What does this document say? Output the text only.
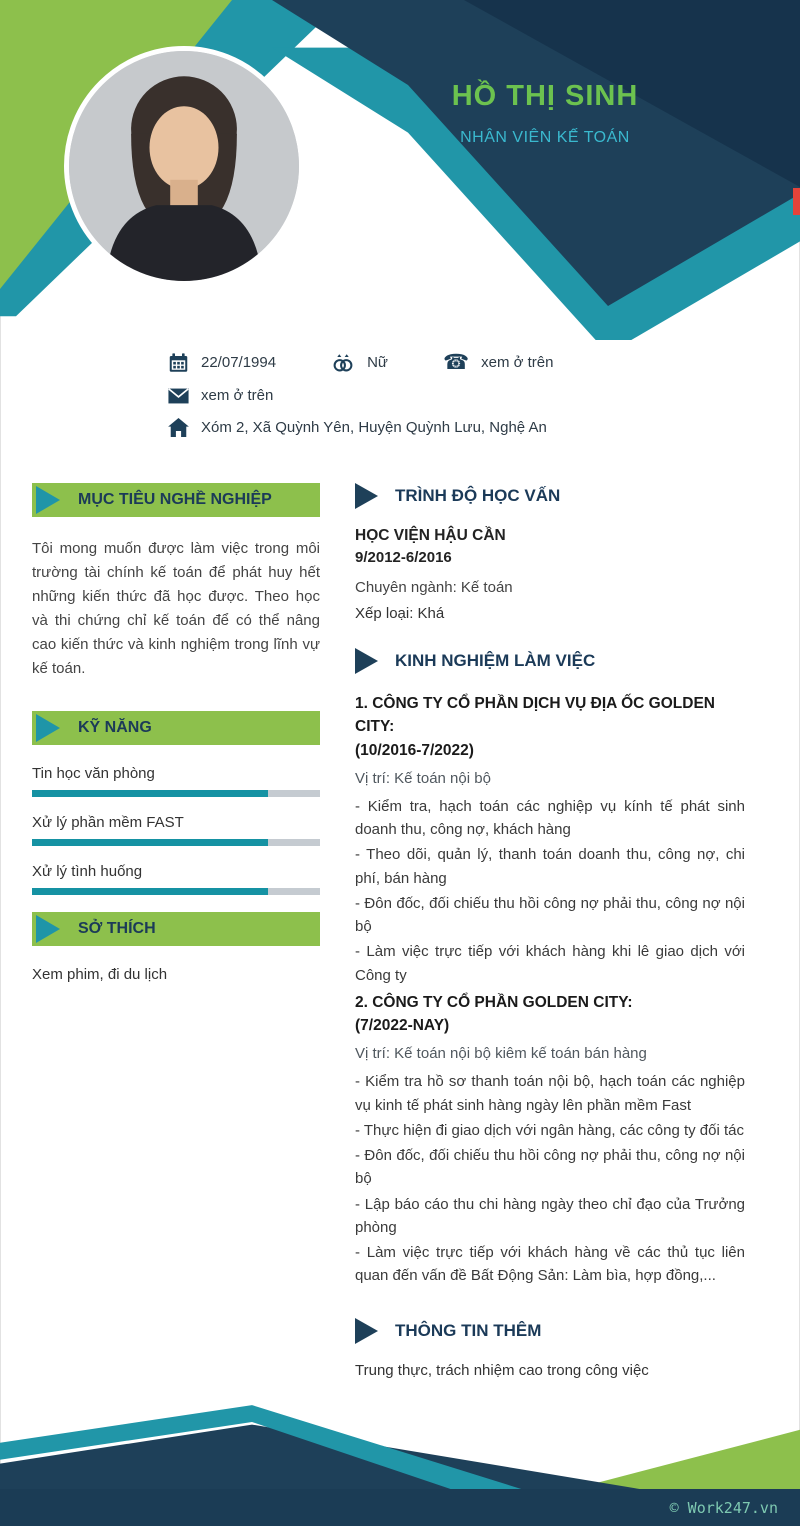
HỒ THỊ SINH
NHÂN VIÊN KẾ TOÁN
22/07/1994	Nữ	☎ xem ở trên
xem ở trên
Xóm 2, Xã Quỳnh Yên, Huyện Quỳnh Lưu, Nghệ An
MỤC TIÊU NGHỀ NGHIỆP

Tôi mong muốn được làm việc trong môi trường tài chính kế toán để phát huy hết những kiến thức đã học được. Theo học và thi chứng chỉ kế toán để có thể nâng cao kiến thức và kinh nghiệm trong lĩnh vự kế toán.

KỸ NĂNG
Tin học văn phòng
Xử lý phần mềm FAST
Xử lý tình huống
SỞ THÍCH

Xem phim, đi du lịch

TRÌNH ĐỘ HỌC VẤN
HỌC VIỆN HẬU CẦN
9/2012-6/2016
Chuyên ngành: Kế toán
Xếp loại: Khá
KINH NGHIỆM LÀM VIỆC
1. CÔNG TY CỔ PHẦN DỊCH VỤ ĐỊA ỐC GOLDEN CITY:
(10/2016-7/2022)
Vị trí: Kế toán nội bộ

- Kiểm tra, hạch toán các nghiệp vụ kính tế phát sinh doanh thu, công nợ, khách hàng

- Theo dõi, quản lý, thanh toán doanh thu, công nợ, chi phí, bán hàng

- Đôn đốc, đối chiếu thu hồi công nợ phải thu, công nợ nội bộ

- Làm việc trực tiếp với khách hàng khi lê giao dịch với Công ty

2. CÔNG TY CỔ PHẦN GOLDEN CITY:
(7/2022-NAY)
Vị trí: Kế toán nội bộ kiêm kế toán bán hàng

- Kiểm tra hồ sơ thanh toán nội bộ, hạch toán các nghiệp vụ kinh tế phát sinh hàng ngày lên phần mềm Fast

- Thực hiện đi giao dịch với ngân hàng, các công ty đối tác

- Đôn đốc, đối chiếu thu hồi công nợ phải thu, công nợ nội bộ

- Lập báo cáo thu chi hàng ngày theo chỉ đạo của Trưởng phòng

- Làm việc trực tiếp với khách hàng về các thủ tục liên quan đến vấn đề Bất Động Sản: Làm bìa, hợp đồng,...

THÔNG TIN THÊM

Trung thực, trách nhiệm cao trong công việc

© Work247.vn
